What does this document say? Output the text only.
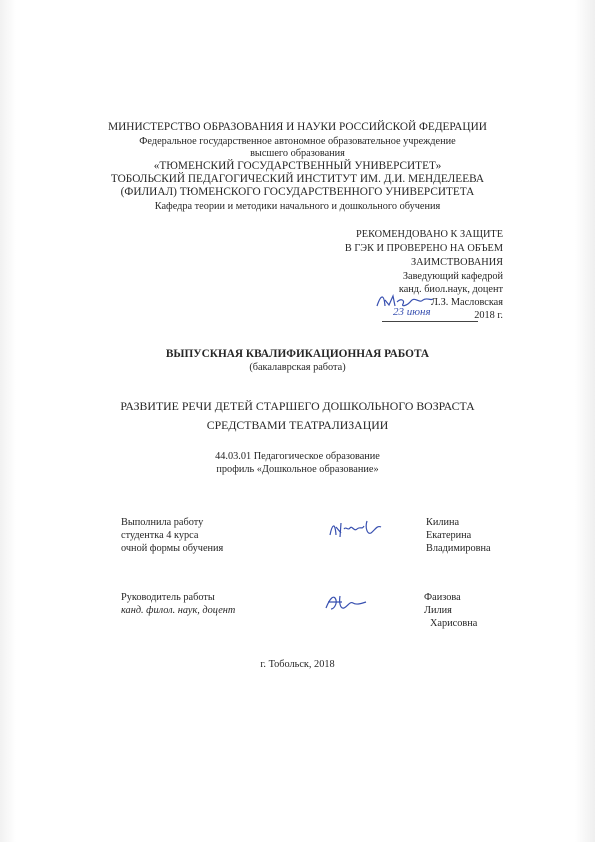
МИНИСТЕРСТВО ОБРАЗОВАНИЯ И НАУКИ РОССИЙСКОЙ ФЕДЕРАЦИИ
Федеральное государственное автономное образовательное учреждение
высшего образования
«ТЮМЕНСКИЙ ГОСУДАРСТВЕННЫЙ УНИВЕРСИТЕТ»
ТОБОЛЬСКИЙ ПЕДАГОГИЧЕСКИЙ ИНСТИТУТ ИМ. Д.И. МЕНДЕЛЕЕВА
(ФИЛИАЛ) ТЮМЕНСКОГО ГОСУДАРСТВЕННОГО УНИВЕРСИТЕТА
Кафедра теории и методики начального и дошкольного обучения
РЕКОМЕНДОВАНО К ЗАЩИТЕ
В ГЭК И ПРОВЕРЕНО НА ОБЪЕМ
ЗАИМСТВОВАНИЯ
Заведующий кафедрой
канд. биол.наук, доцент
Л.З. Масловская
23 июня	2018 г.
ВЫПУСКНАЯ КВАЛИФИКАЦИОННАЯ РАБОТА
(бакалаврская работа)
РАЗВИТИЕ РЕЧИ ДЕТЕЙ СТАРШЕГО ДОШКОЛЬНОГО ВОЗРАСТА
СРЕДСТВАМИ ТЕАТРАЛИЗАЦИИ
44.03.01 Педагогическое образование
профиль «Дошкольное образование»
Выполнила работу
студентка 4 курса
очной формы обучения
Килина
Екатерина
Владимировна
Руководитель работы
канд. филол. наук, доцент
Фаизова
Лилия
Харисовна
г. Тобольск, 2018
